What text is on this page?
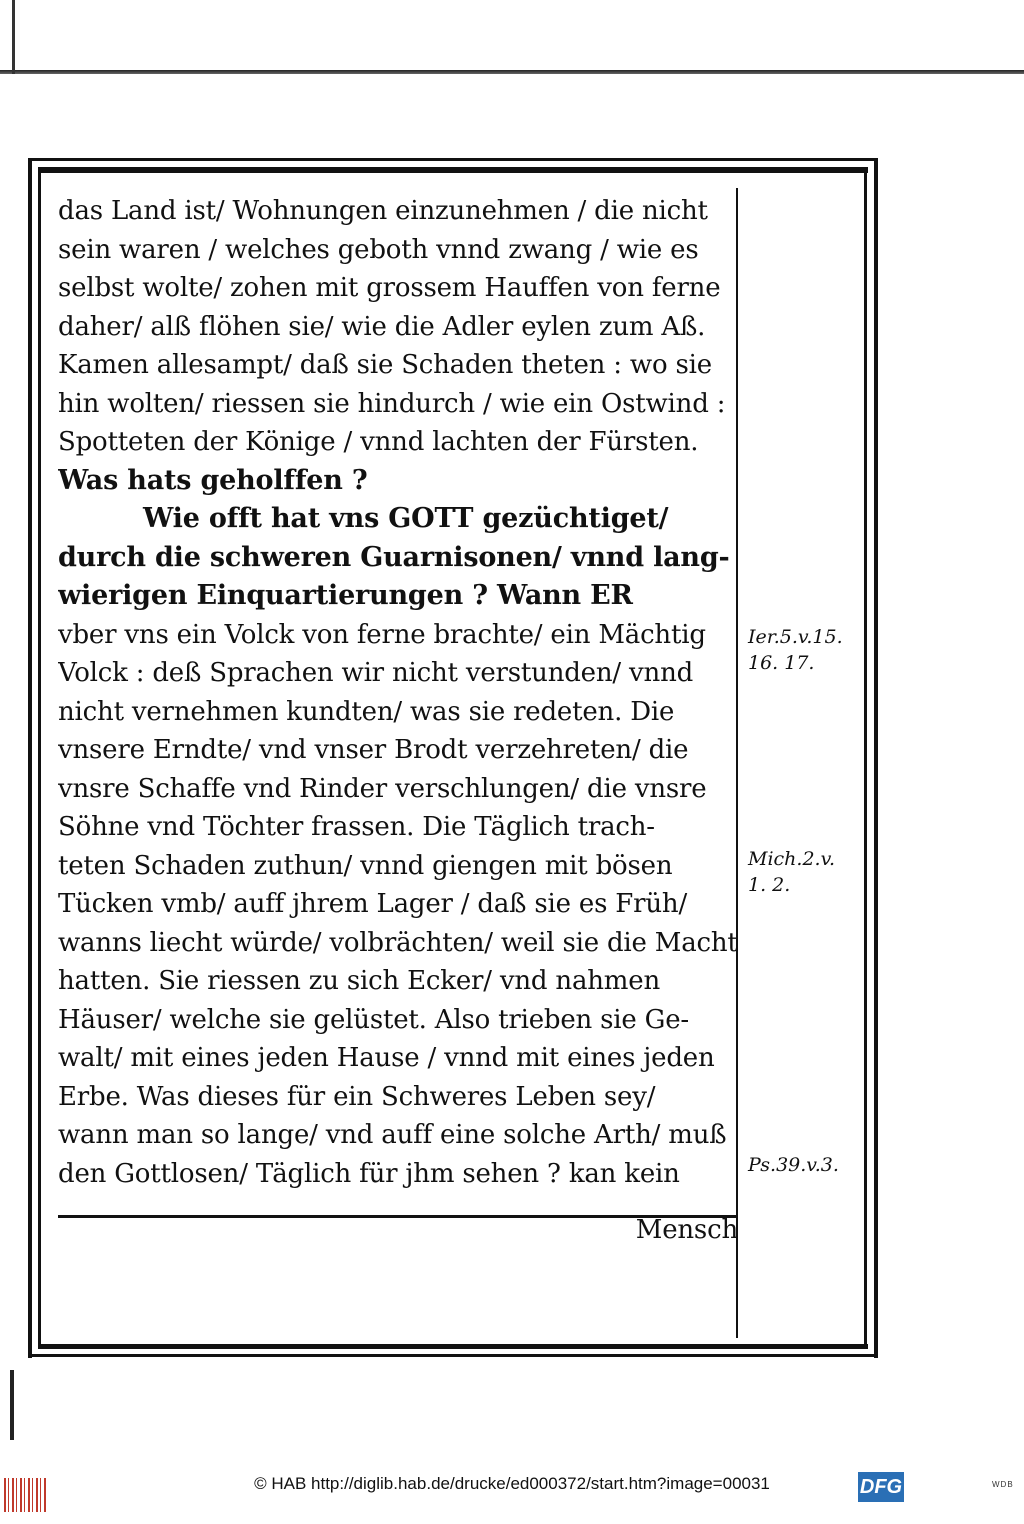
das Land ist/ Wohnungen einzunehmen / die nicht
sein waren / welches geboth vnnd zwang / wie es
selbst wolte/ zohen mit grossem Hauffen von ferne
daher/ alß flöhen sie/ wie die Adler eylen zum Aß.
Kamen allesampt/ daß sie Schaden theten : wo sie
hin wolten/ riessen sie hindurch / wie ein Ostwind :
Spotteten der Könige / vnnd lachten der Fürsten.
Was hats geholffen ?
Wie offt hat vns GOTT gezüchtiget/
durch die schweren Guarnisonen/ vnnd lang-
wierigen Einquartierungen ? Wann ER
vber vns ein Volck von ferne brachte/ ein Mächtig
Volck : deß Sprachen wir nicht verstunden/ vnnd
nicht vernehmen kundten/ was sie redeten. Die
vnsere Erndte/ vnd vnser Brodt verzehreten/ die
vnsre Schaffe vnd Rinder verschlungen/ die vnsre
Söhne vnd Töchter frassen. Die Täglich trach-
teten Schaden zuthun/ vnnd giengen mit bösen
Tücken vmb/ auff jhrem Lager / daß sie es Früh/
wanns liecht würde/ volbrächten/ weil sie die Macht
hatten. Sie riessen zu sich Ecker/ vnd nahmen
Häuser/ welche sie gelüstet. Also trieben sie Ge-
walt/ mit eines jeden Hause / vnnd mit eines jeden
Erbe. Was dieses für ein Schweres Leben sey/
wann man so lange/ vnd auff eine solche Arth/ muß
den Gottlosen/ Täglich für jhm sehen ? kan kein
Mensch
Ier.5.v.15.
16. 17.
Mich.2.v.
1. 2.
Ps.39.v.3.
© HAB http://diglib.hab.de/drucke/ed000372/start.htm?image=00031	DFG	WDB
